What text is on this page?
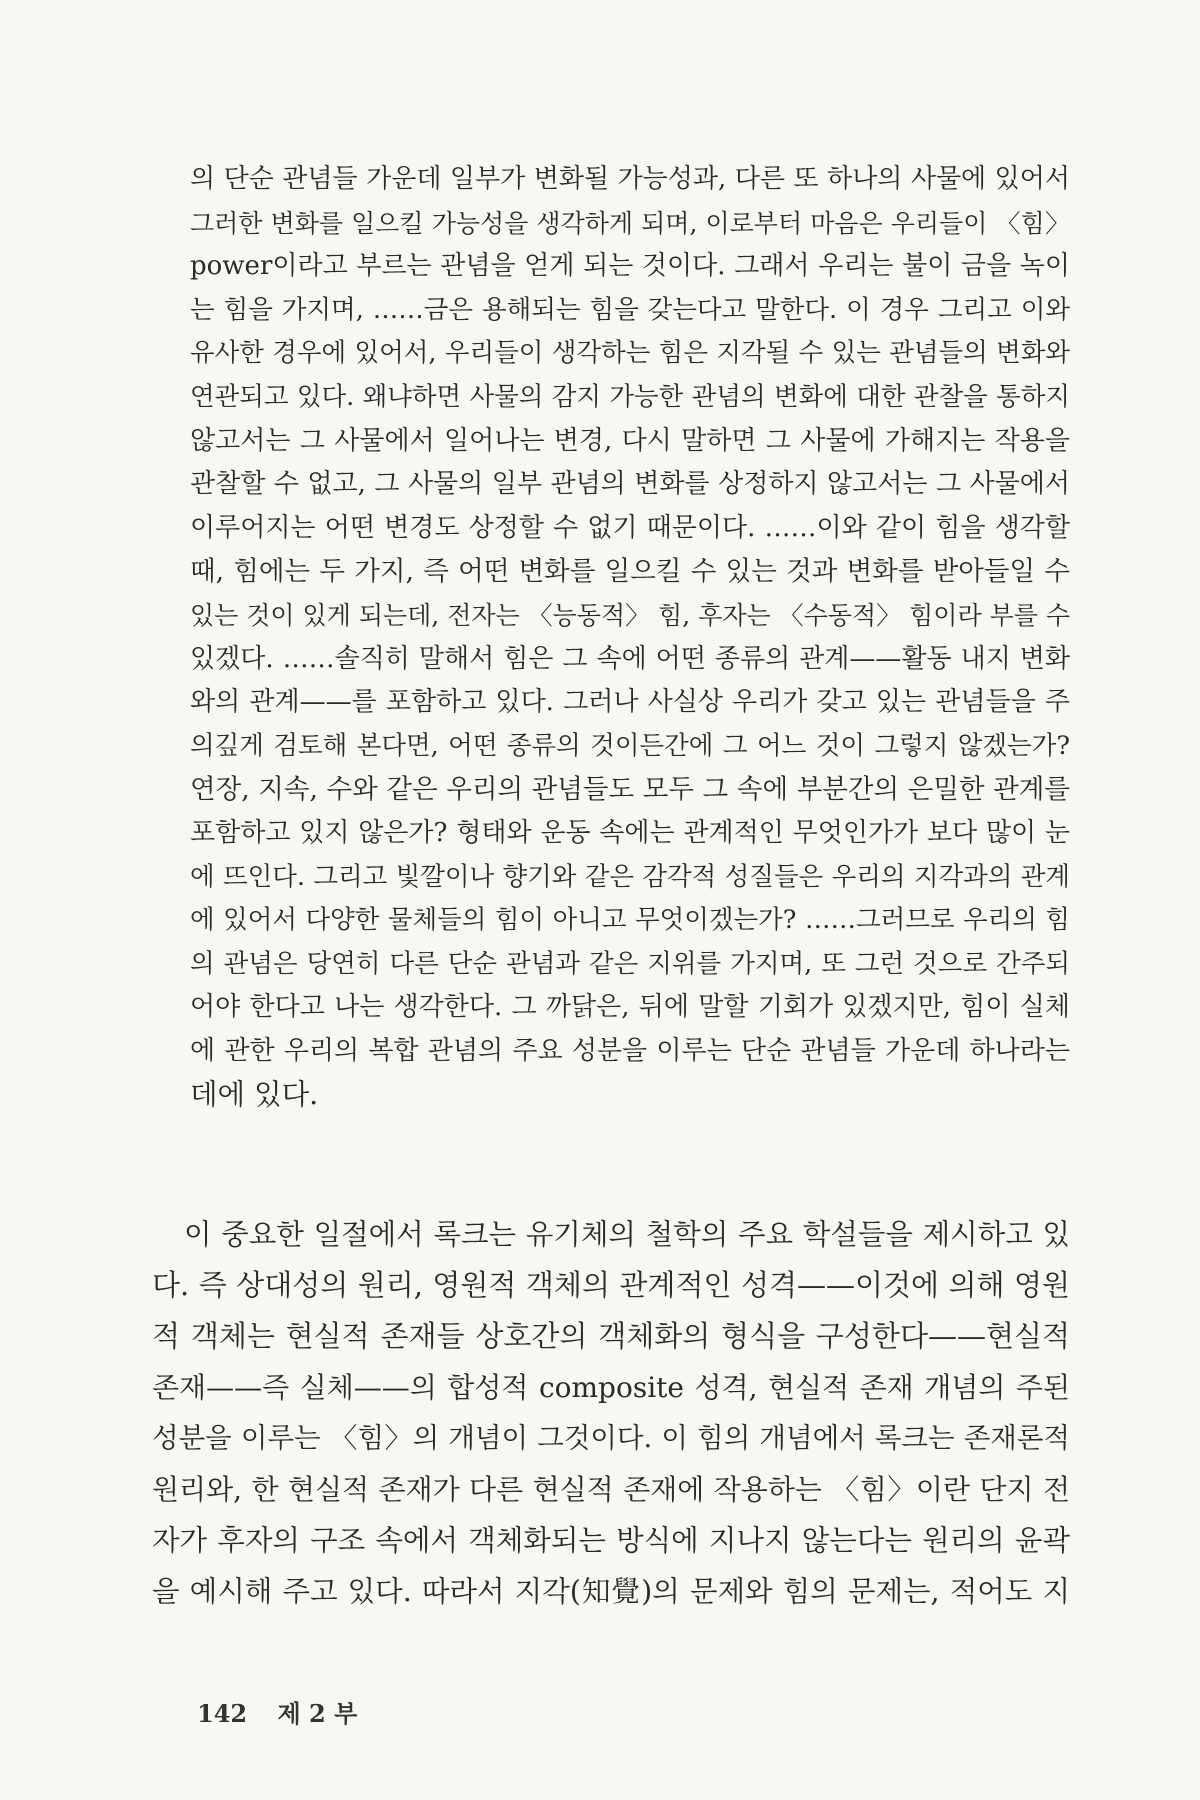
의 단순 관념들 가운데 일부가 변화될 가능성과, 다른 또 하나의 사물에 있어서
그러한 변화를 일으킬 가능성을 생각하게 되며, 이로부터 마음은 우리들이 〈힘〉
power이라고 부르는 관념을 얻게 되는 것이다. 그래서 우리는 불이 금을 녹이
는 힘을 가지며, ……금은 용해되는 힘을 갖는다고 말한다. 이 경우 그리고 이와
유사한 경우에 있어서, 우리들이 생각하는 힘은 지각될 수 있는 관념들의 변화와
연관되고 있다. 왜냐하면 사물의 감지 가능한 관념의 변화에 대한 관찰을 통하지
않고서는 그 사물에서 일어나는 변경, 다시 말하면 그 사물에 가해지는 작용을
관찰할 수 없고, 그 사물의 일부 관념의 변화를 상정하지 않고서는 그 사물에서
이루어지는 어떤 변경도 상정할 수 없기 때문이다. ……이와 같이 힘을 생각할
때, 힘에는 두 가지, 즉 어떤 변화를 일으킬 수 있는 것과 변화를 받아들일 수
있는 것이 있게 되는데, 전자는 〈능동적〉 힘, 후자는 〈수동적〉 힘이라 부를 수
있겠다. ……솔직히 말해서 힘은 그 속에 어떤 종류의 관계——활동 내지 변화
와의 관계——를 포함하고 있다. 그러나 사실상 우리가 갖고 있는 관념들을 주
의깊게 검토해 본다면, 어떤 종류의 것이든간에 그 어느 것이 그렇지 않겠는가?
연장, 지속, 수와 같은 우리의 관념들도 모두 그 속에 부분간의 은밀한 관계를
포함하고 있지 않은가? 형태와 운동 속에는 관계적인 무엇인가가 보다 많이 눈
에 뜨인다. 그리고 빛깔이나 향기와 같은 감각적 성질들은 우리의 지각과의 관계
에 있어서 다양한 물체들의 힘이 아니고 무엇이겠는가? ……그러므로 우리의 힘
의 관념은 당연히 다른 단순 관념과 같은 지위를 가지며, 또 그런 것으로 간주되
어야 한다고 나는 생각한다. 그 까닭은, 뒤에 말할 기회가 있겠지만, 힘이 실체
에 관한 우리의 복합 관념의 주요 성분을 이루는 단순 관념들 가운데 하나라는
데에 있다.
이 중요한 일절에서 록크는 유기체의 철학의 주요 학설들을 제시하고 있
다. 즉 상대성의 원리, 영원적 객체의 관계적인 성격——이것에 의해 영원
적 객체는 현실적 존재들 상호간의 객체화의 형식을 구성한다——현실적
존재——즉 실체——의 합성적 composite 성격, 현실적 존재 개념의 주된
성분을 이루는 〈힘〉의 개념이 그것이다. 이 힘의 개념에서 록크는 존재론적
원리와, 한 현실적 존재가 다른 현실적 존재에 작용하는 〈힘〉이란 단지 전
자가 후자의 구조 속에서 객체화되는 방식에 지나지 않는다는 원리의 윤곽
을 예시해 주고 있다. 따라서 지각(知覺)의 문제와 힘의 문제는, 적어도 지
142 제 2 부
